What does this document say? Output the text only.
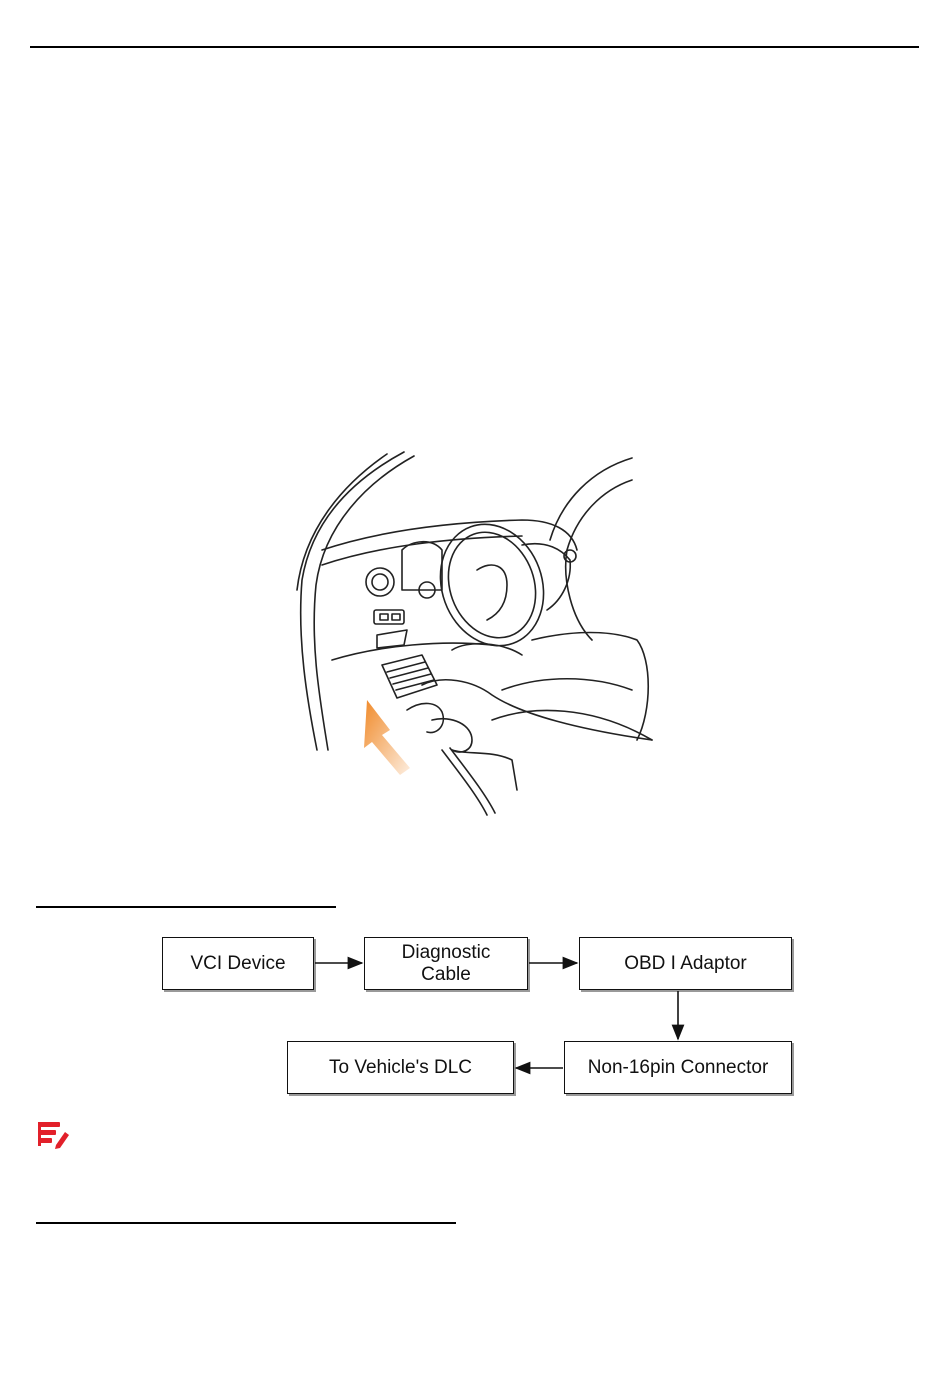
VCI Device
Diagnostic
Cable
OBD I Adaptor
Non-16pin Connector
To Vehicle's DLC
